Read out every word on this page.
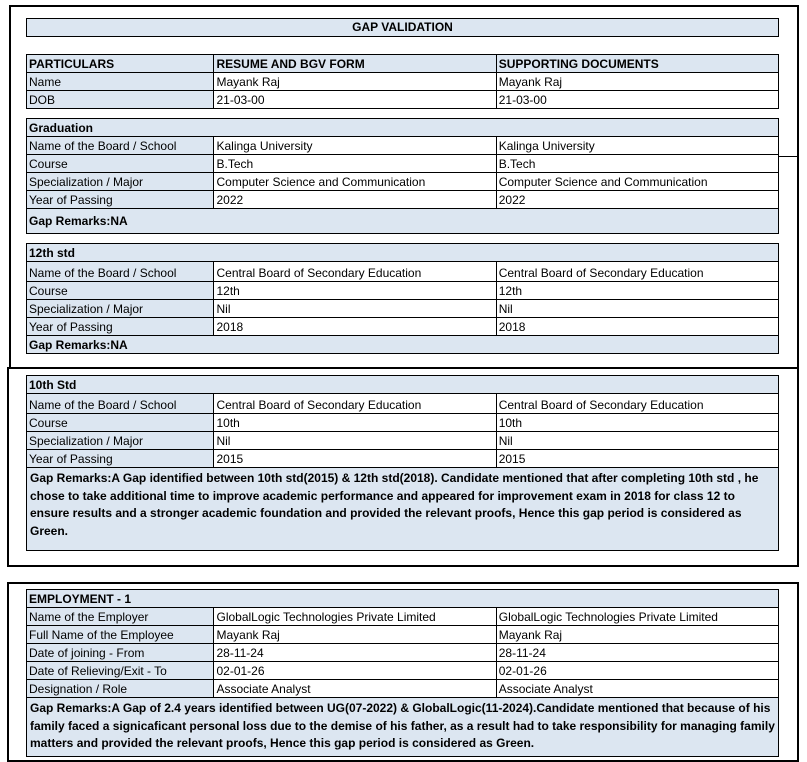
GAP VALIDATION
PARTICULARS	RESUME AND BGV FORM	SUPPORTING DOCUMENTS
Name	Mayank Raj	Mayank Raj
DOB	21-03-00	21-03-00
Graduation		
Name of the Board / School	Kalinga University	Kalinga University
Course	B.Tech	B.Tech
Specialization / Major	Computer Science and Communication	Computer Science and Communication
Year of Passing	2022	2022
Gap Remarks:NA		
12th std		
Name of the Board / School	Central Board of Secondary Education	Central Board of Secondary Education
Course	12th	12th
Specialization / Major	Nil	Nil
Year of Passing	2018	2018
Gap Remarks:NA		
10th Std		
Name of the Board / School	Central Board of Secondary Education	Central Board of Secondary Education
Course	10th	10th
Specialization / Major	Nil	Nil
Year of Passing	2015	2015
Gap Remarks:A Gap identified between 10th std(2015) & 12th std(2018). Candidate mentioned that after completing 10th std , he chose to take additional time to improve academic performance and appeared for improvement exam in 2018 for class 12 to ensure results and a stronger academic foundation and provided the relevant proofs, Hence this gap period is considered as Green.		
EMPLOYMENT - 1		
Name of the Employer	GlobalLogic Technologies Private Limited	GlobalLogic Technologies Private Limited
Full Name of the Employee	Mayank Raj	Mayank Raj
Date of joining - From	28-11-24	28-11-24
Date of Relieving/Exit - To	02-01-26	02-01-26
Designation / Role	Associate Analyst	Associate Analyst
Gap Remarks:A Gap of 2.4 years identified between UG(07-2022) & GlobalLogic(11-2024).Candidate mentioned that because of his family faced a signicaficant personal loss due to the demise of his father, as a result had to take responsibility for managing family matters and provided the relevant proofs, Hence this gap period is considered as Green.		
